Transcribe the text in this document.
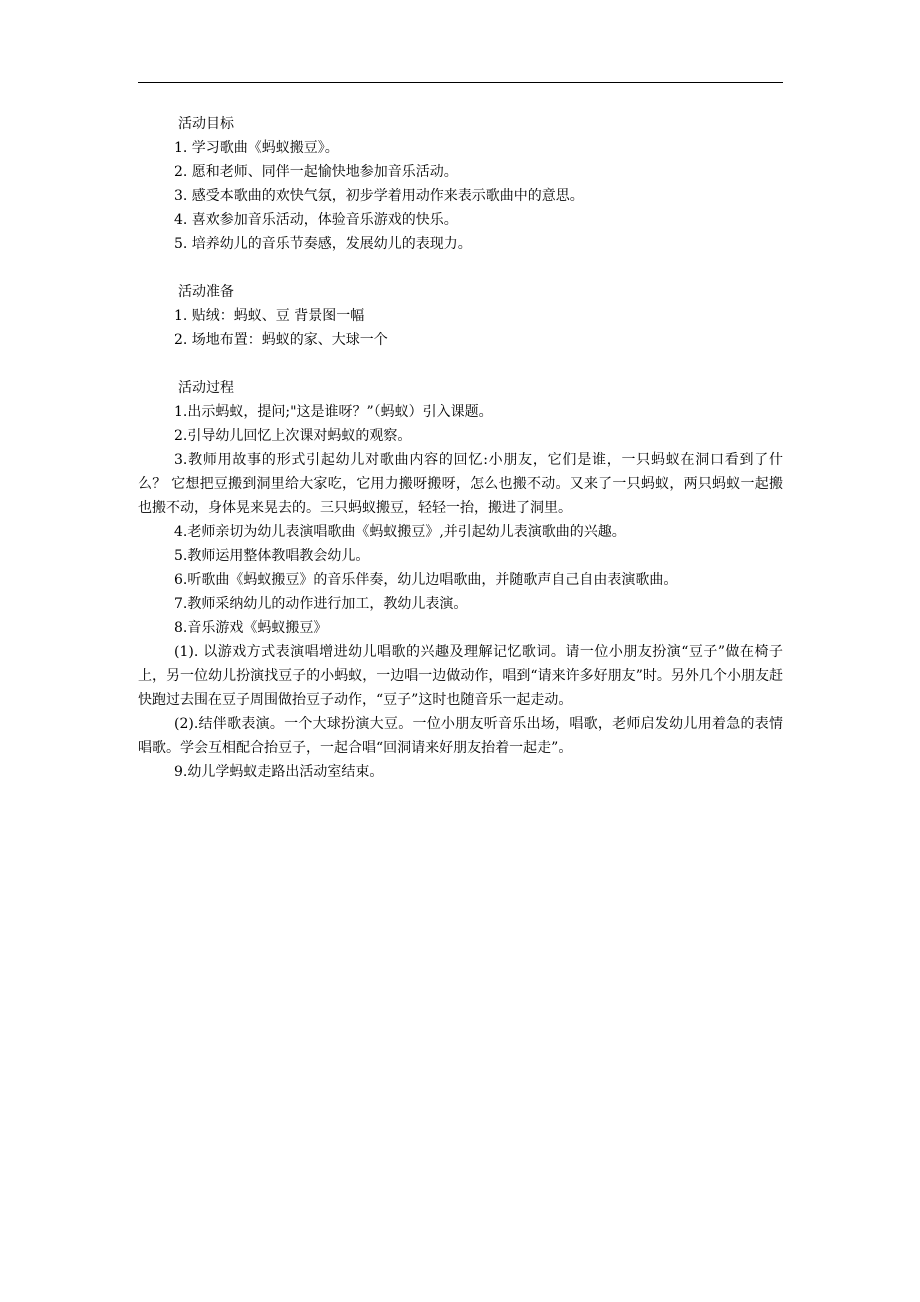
活动目标

1. 学习歌曲《蚂蚁搬豆》。

2. 愿和老师、同伴一起愉快地参加音乐活动。

3. 感受本歌曲的欢快气氛，初步学着用动作来表示歌曲中的意思。

4. 喜欢参加音乐活动，体验音乐游戏的快乐。

5. 培养幼儿的音乐节奏感，发展幼儿的表现力。

活动准备

1. 贴绒：蚂蚁、豆 背景图一幅

2. 场地布置：蚂蚁的家、大球一个

活动过程

1.出示蚂蚁，提问;"这是谁呀？”（蚂蚁）引入课题。

2.引导幼儿回忆上次课对蚂蚁的观察。

3.教师用故事的形式引起幼儿对歌曲内容的回忆:小朋友，它们是谁，一只蚂蚁在洞口看到了什 么？ 它想把豆搬到洞里给大家吃，它用力搬呀搬呀，怎么也搬不动。又来了一只蚂蚁，两只蚂蚁一起搬也搬不动，身体晃来晃去的。三只蚂蚁搬豆，轻轻一抬，搬进了洞里。

4.老师亲切为幼儿表演唱歌曲《蚂蚁搬豆》,并引起幼儿表演歌曲的兴趣。

5.教师运用整体教唱教会幼儿。

6.听歌曲《蚂蚁搬豆》的音乐伴奏，幼儿边唱歌曲，并随歌声自己自由表演歌曲。

7.教师采纳幼儿的动作进行加工，教幼儿表演。

8.音乐游戏《蚂蚁搬豆》

(1). 以游戏方式表演唱增进幼儿唱歌的兴趣及理解记忆歌词。请一位小朋友扮演“豆子”做在椅子上，另一位幼儿扮演找豆子的小蚂蚁，一边唱一边做动作，唱到“请来许多好朋友”时。另外几个小朋友赶快跑过去围在豆子周围做抬豆子动作，“豆子”这时也随音乐一起走动。

(2).结伴歌表演。一个大球扮演大豆。一位小朋友听音乐出场，唱歌，老师启发幼儿用着急的表情唱歌。学会互相配合抬豆子，一起合唱“回洞请来好朋友抬着一起走”。

9.幼儿学蚂蚁走路出活动室结束。
